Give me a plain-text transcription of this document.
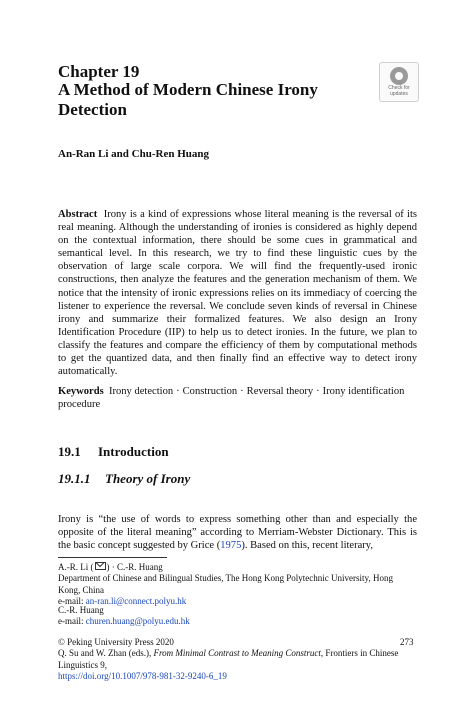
Chapter 19
A Method of Modern Chinese Irony Detection
Check for
updates
An-Ran Li and Chu-Ren Huang
Abstract Irony is a kind of expressions whose literal meaning is the reversal of its real meaning. Although the understanding of ironies is considered as highly depend on the contextual information, there should be some cues in grammatical and semantical level. In this research, we try to find these linguistic cues by the observation of large scale corpora. We will find the frequently-used ironic constructions, then analyze the features and the generation mechanism of them. We notice that the intensity of ironic expressions relies on its immediacy of coercing the listener to experience the reversal. We conclude seven kinds of reversal in Chinese irony and summarize their formalized features. We also design an Irony Identification Procedure (IIP) to help us to detect ironies. In the future, we plan to classify the features and compare the efficiency of them by computational methods to get the quantized data, and then finally find an effective way to detect irony automatically.
Keywords Irony detection · Construction · Reversal theory · Irony identification procedure
19.1 Introduction
19.1.1 Theory of Irony
Irony is “the use of words to express something other than and especially the opposite of the literal meaning” according to Merriam-Webster Dictionary. This is the basic concept suggested by Grice (1975). Based on this, recent literary,
A.-R. Li ( ) · C.-R. Huang
Department of Chinese and Bilingual Studies, The Hong Kong Polytechnic University, Hong Kong, China
e-mail: an-ran.li@connect.polyu.hk
C.-R. Huang
e-mail: churen.huang@polyu.edu.hk
© Peking University Press 2020
Q. Su and W. Zhan (eds.), From Minimal Contrast to Meaning Construct, Frontiers in Chinese Linguistics 9,
https://doi.org/10.1007/978-981-32-9240-6_19
273
